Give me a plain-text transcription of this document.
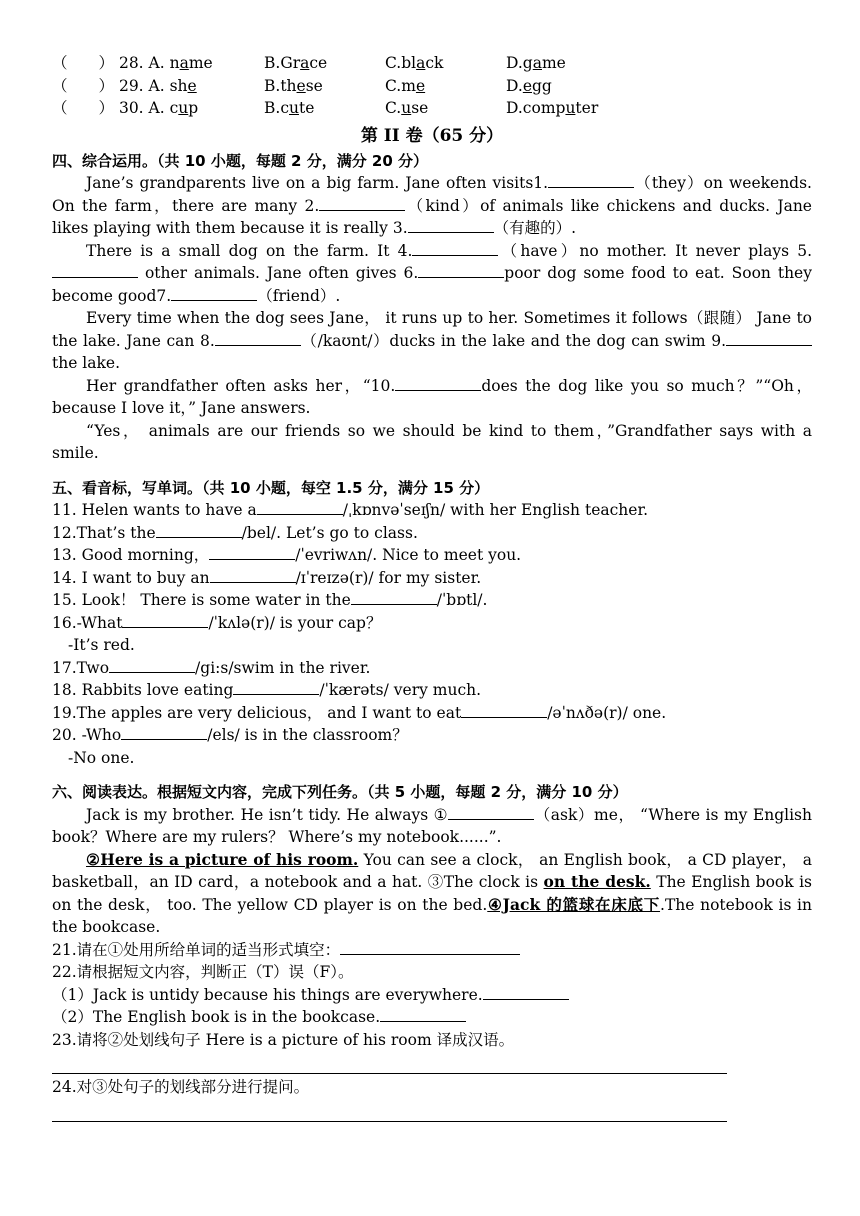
（　　） 28. A. name	B.Grace	C.black	D.game
（　　） 29. A. she	B.these	C.me	D.egg
（　　） 30. A. cup	B.cute	C.use	D.computer
第 II 卷（65 分）
四、综合运用。（共 10 小题，每题 2 分，满分 20 分）

Jane’s grandparents live on a big farm. Jane often visits1.	（they）on weekends. On the farm，there are many 2.	（kind）of animals like chickens and ducks. Jane likes playing with them because it is really 3.	（有趣的）.

There is a small dog on the farm. It 4.	（have）no mother. It never plays 5. other animals. Jane often gives 6.	poor dog some food to eat. Soon they become good7.	（friend）.

Every time when the dog sees Jane， it runs up to her. Sometimes it follows（跟随） Jane to the lake. Jane can 8.	（/kaʊnt/）ducks in the lake and the dog can swim 9. the lake.

Her grandfather often asks her，“10.	does the dog like you so much？”“Oh，because I love it，” Jane answers.

“Yes， animals are our friends so we should be kind to them，”Grandfather says with a smile.

五、看音标，写单词。（共 10 小题，每空 1.5 分，满分 15 分）
11. Helen wants to have a	/ˌkɒnvəˈseɪʃn/ with her English teacher.
12.That’s the	/bel/. Let’s go to class.
13. Good morning，	/ˈevriwʌn/. Nice to meet you.
14. I want to buy an	/ɪˈreɪzə(r)/ for my sister.
15. Look！ There is some water in the	/ˈbɒtl/.
16.-What	/ˈkʌlə(r)/ is your cap？
-It’s red.
17.Two	/gi:s/swim in the river.
18. Rabbits love eating	/ˈkærəts/ very much.
19.The apples are very delicious， and I want to eat	/əˈnʌðə(r)/ one.
20. -Who	/els/ is in the classroom？
-No one.
六、阅读表达。根据短文内容，完成下列任务。（共 5 小题，每题 2 分，满分 10 分）

Jack is my brother. He isn’t tidy. He always ①	（ask）me， “Where is my English book？Where are my rulers？ Where’s my notebook......”.

②Here is a picture of his room. You can see a clock， an English book， a CD player， a basketball，an ID card，a notebook and a hat. ③The clock is on the desk. The English book is on the desk， too. The yellow CD player is on the bed.④Jack 的篮球在床底下.The notebook is in the bookcase.

21.请在①处用所给单词的适当形式填空：
22.请根据短文内容，判断正（T）误（F）。
（1）Jack is untidy because his things are everywhere.
（2）The English book is in the bookcase.
23.请将②处划线句子 Here is a picture of his room 译成汉语。
24.对③处句子的划线部分进行提问。
